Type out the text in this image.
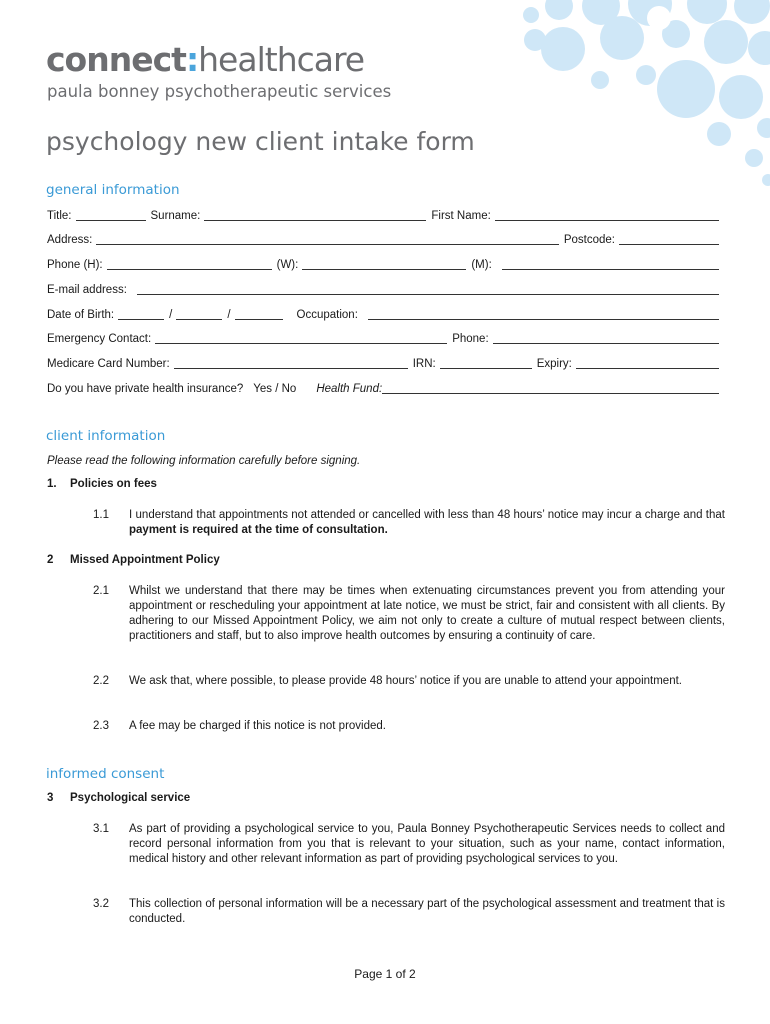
connect:healthcare
paula bonney psychotherapeutic services
psychology new client intake form
general information
Title:	Surname:	First Name:
Address:	Postcode:
Phone (H):	(W):	(M):
E-mail address:
Date of Birth:	/	/	Occupation:
Emergency Contact:	Phone:
Medicare Card Number:	IRN:	Expiry:
Do you have private health insurance? Yes / No	Health Fund:
client information
Please read the following information carefully before signing.
1. Policies on fees
1.1 I understand that appointments not attended or cancelled with less than 48 hours’ notice may incur a charge and that payment is required at the time of consultation.
2 Missed Appointment Policy
2.1 Whilst we understand that there may be times when extenuating circumstances prevent you from attending your appointment or rescheduling your appointment at late notice, we must be strict, fair and consistent with all clients. By adhering to our Missed Appointment Policy, we aim not only to create a culture of mutual respect between clients, practitioners and staff, but to also improve health outcomes by ensuring a continuity of care.
2.2 We ask that, where possible, to please provide 48 hours’ notice if you are unable to attend your appointment.
2.3 A fee may be charged if this notice is not provided.
informed consent
3 Psychological service
3.1 As part of providing a psychological service to you, Paula Bonney Psychotherapeutic Services needs to collect and record personal information from you that is relevant to your situation, such as your name, contact information, medical history and other relevant information as part of providing psychological services to you.
3.2 This collection of personal information will be a necessary part of the psychological assessment and treatment that is conducted.
Page 1 of 2
